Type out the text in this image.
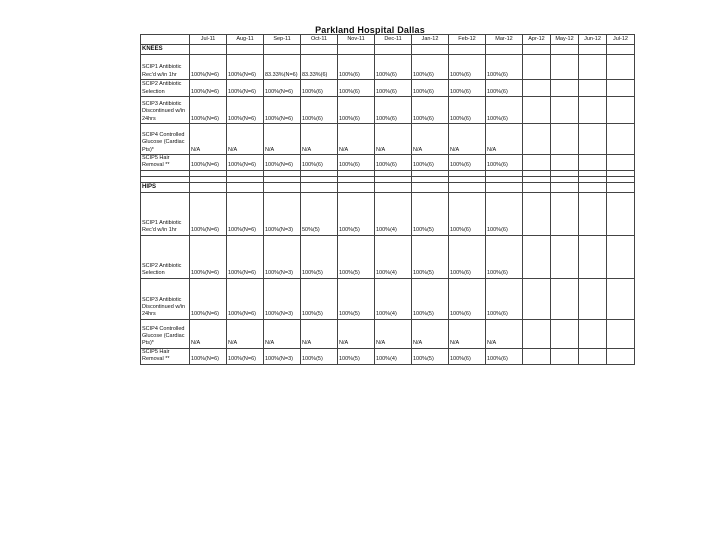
Parkland Hospital Dallas
	Jul-11	Aug-11	Sep-11	Oct-11	Nov-11	Dec-11	Jan-12	Feb-12	Mar-12	Apr-12	May-12	Jun-12	Jul-12
KNEES													
SCIP1 Antibiotic Rec'd w/in 1hr	100%(N=6)	100%(N=6)	83.33%(N=6)	83.33%(6)	100%(6)	100%(6)	100%(6)	100%(6)	100%(6)				
SCIP2 Antibiotic Selection	100%(N=6)	100%(N=6)	100%(N=6)	100%(6)	100%(6)	100%(6)	100%(6)	100%(6)	100%(6)				
SCIP3 Antibiotic Discontinued w/in 24hrs	100%(N=6)	100%(N=6)	100%(N=6)	100%(6)	100%(6)	100%(6)	100%(6)	100%(6)	100%(6)				
SCIP4 Controlled Glucose (Cardiac Pts)*	N/A	N/A	N/A	N/A	N/A	N/A	N/A	N/A	N/A				
SCIP5 Hair Removal **	100%(N=6)	100%(N=6)	100%(N=6)	100%(6)	100%(6)	100%(6)	100%(6)	100%(6)	100%(6)				

HIPS													
SCIP1 Antibiotic Rec'd w/in 1hr	100%(N=6)	100%(N=6)	100%(N=3)	50%(5)	100%(5)	100%(4)	100%(5)	100%(6)	100%(6)				
SCIP2 Antibiotic Selection	100%(N=6)	100%(N=6)	100%(N=3)	100%(5)	100%(5)	100%(4)	100%(5)	100%(6)	100%(6)				
SCIP3 Antibiotic Discontinued w/in 24hrs	100%(N=6)	100%(N=6)	100%(N=3)	100%(5)	100%(5)	100%(4)	100%(5)	100%(6)	100%(6)				
SCIP4 Controlled Glucose (Cardiac Pts)*	N/A	N/A	N/A	N/A	N/A	N/A	N/A	N/A	N/A				
SCIP5 Hair Removal **	100%(N=6)	100%(N=6)	100%(N=3)	100%(5)	100%(5)	100%(4)	100%(5)	100%(6)	100%(6)				
